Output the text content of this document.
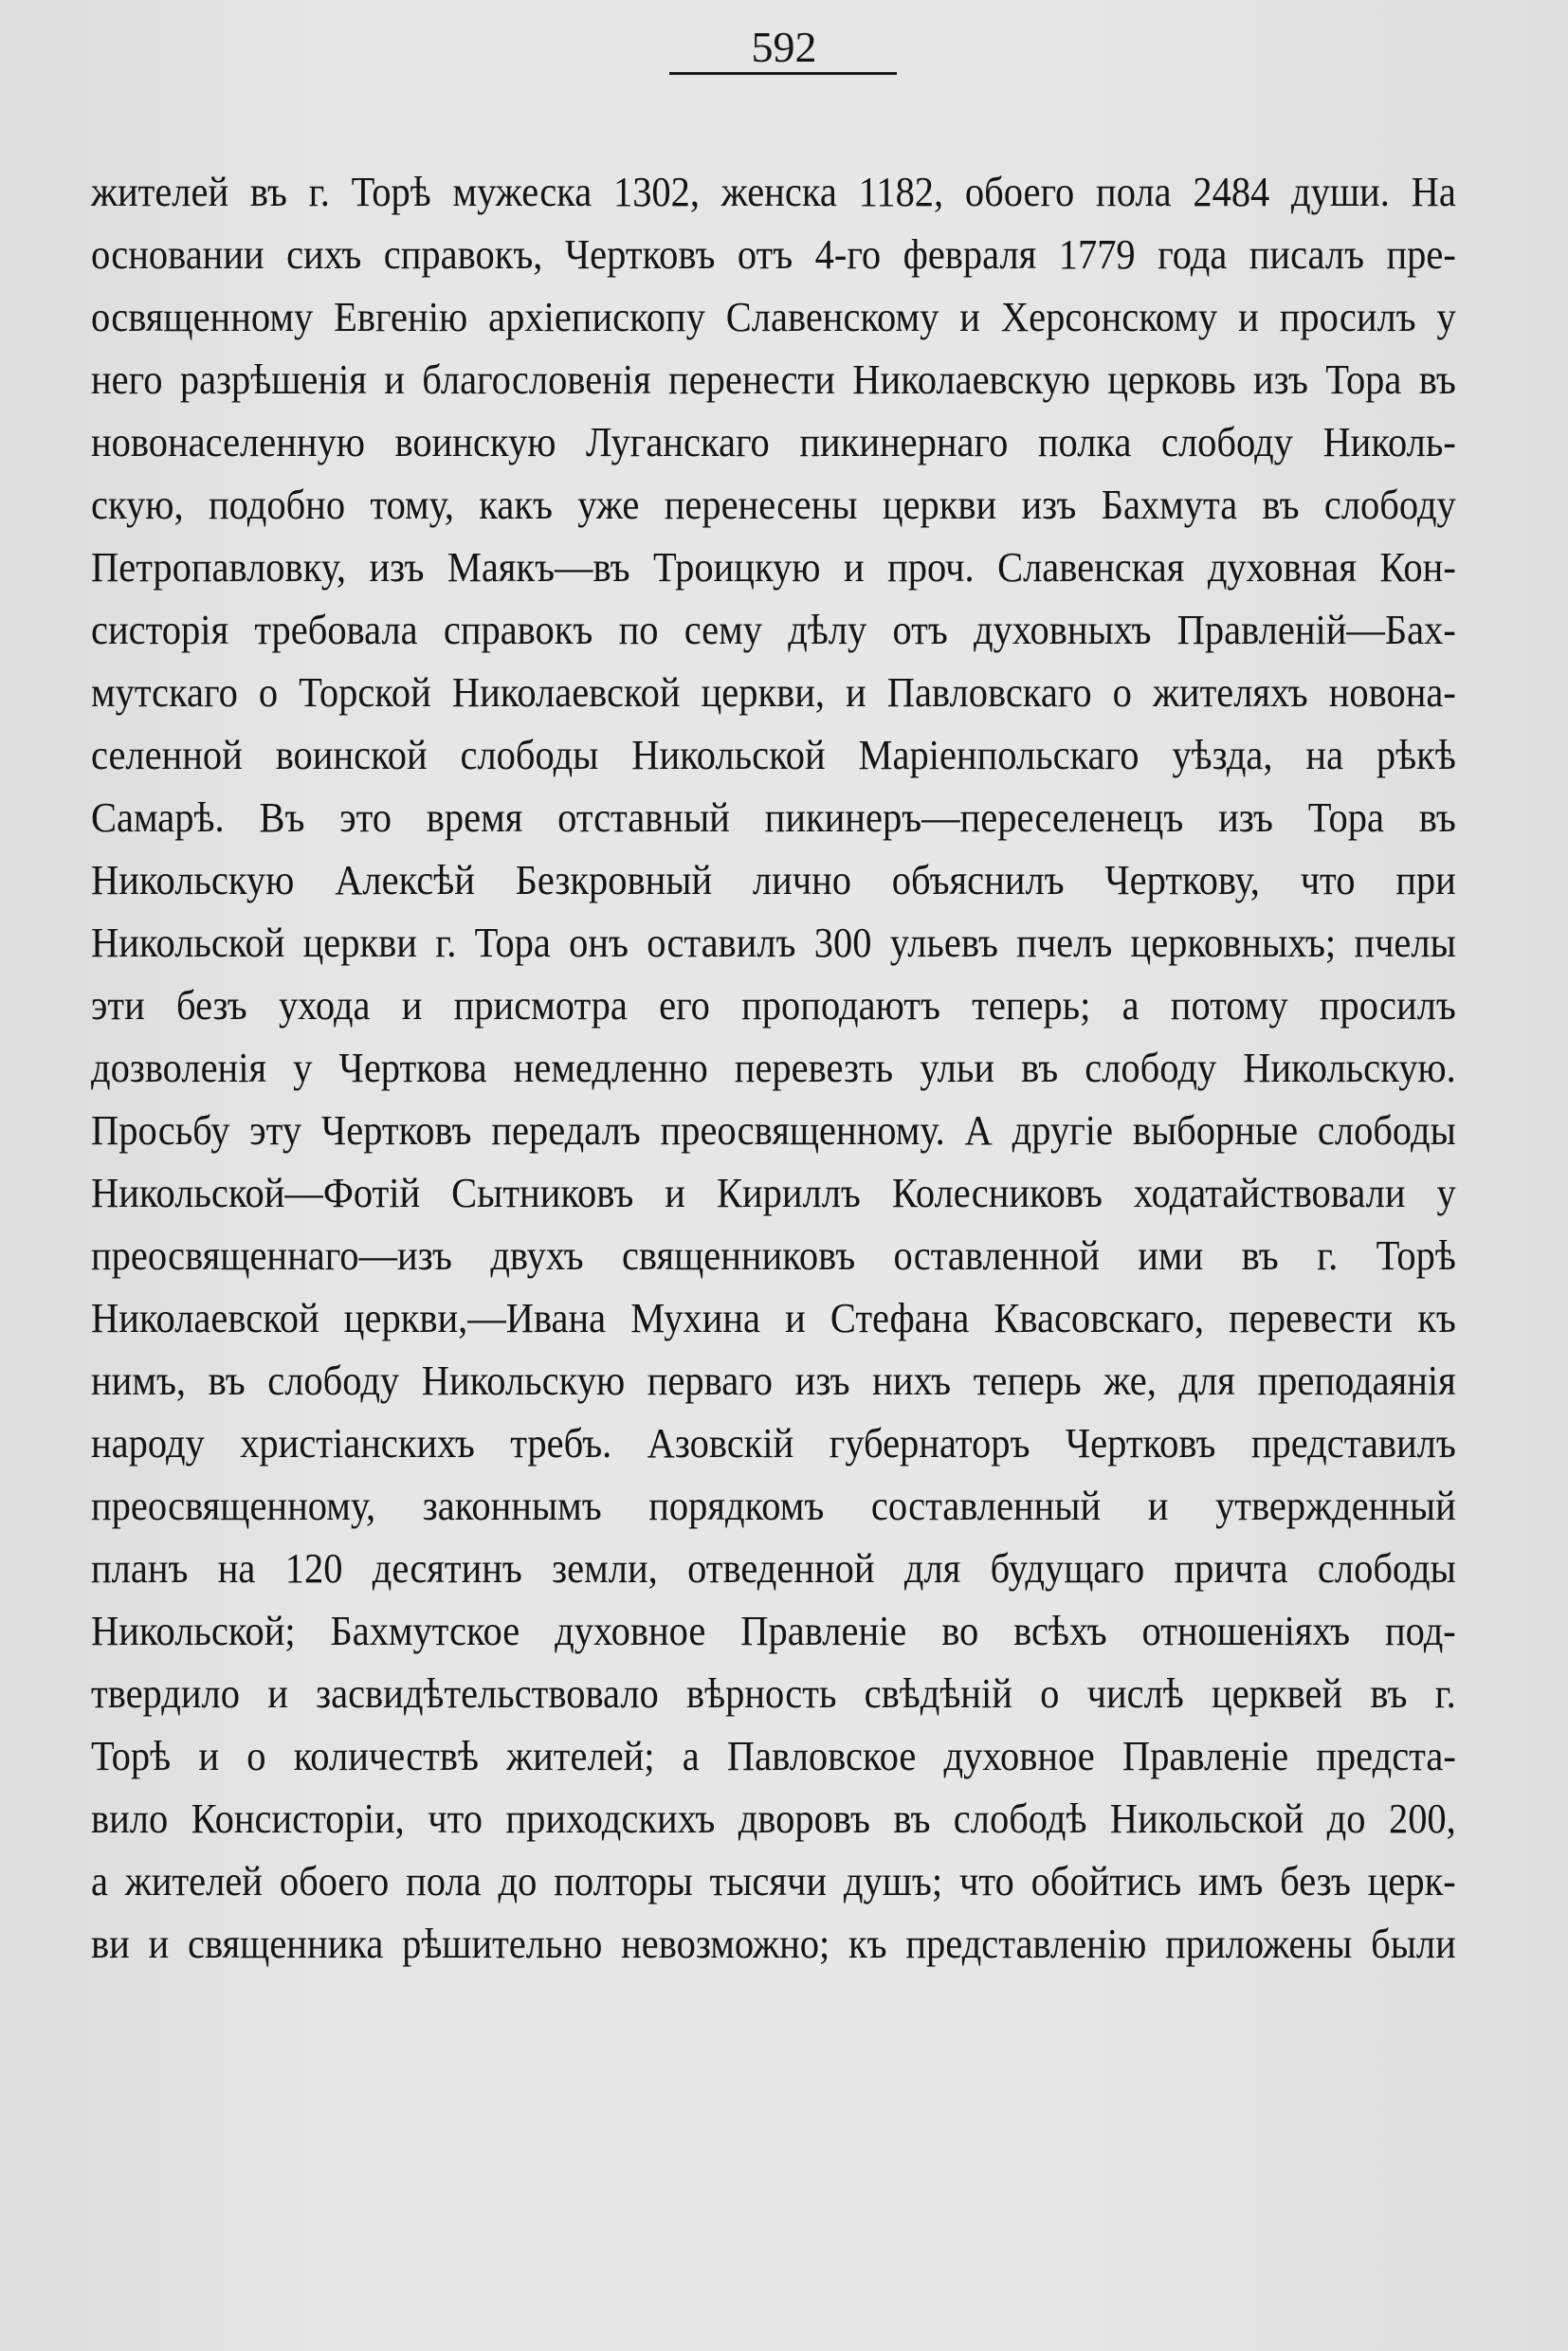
592
жителей въ г. Торѣ мужеска 1302, женска 1182, обоего пола 2484 души. На
основании сихъ справокъ, Чертковъ отъ 4-го февраля 1779 года писалъ пре-
освященному Евгенію архіепископу Славенскому и Херсонскому и просилъ у
него разрѣшенія и благословенія перенести Николаевскую церковь изъ Тора въ
новонаселенную воинскую Луганскаго пикинернаго полка слободу Николь-
скую, подобно тому, какъ уже перенесены церкви изъ Бахмута въ слободу
Петропавловку, изъ Маякъ—въ Троицкую и проч. Славенская духовная Кон-
систорія требовала справокъ по сему дѣлу отъ духовныхъ Правленій—Бах-
мутскаго о Торской Николаевской церкви, и Павловскаго о жителяхъ новона-
селенной воинской слободы Никольской Маріенпольскаго уѣзда, на рѣкѣ
Самарѣ. Въ это время отставный пикинеръ—переселенецъ изъ Тора въ
Никольскую Алексѣй Безкровный лично объяснилъ Черткову, что при
Никольской церкви г. Тора онъ оставилъ 300 ульевъ пчелъ церковныхъ; пчелы
эти безъ ухода и присмотра его проподаютъ теперь; а потому просилъ
дозволенія у Черткова немедленно перевезть ульи въ слободу Никольскую.
Просьбу эту Чертковъ передалъ преосвященному. А другіе выборные слободы
Никольской—Фотій Сытниковъ и Кириллъ Колесниковъ ходатайствовали у
преосвященнаго—изъ двухъ священниковъ оставленной ими въ г. Торѣ
Николаевской церкви,—Ивана Мухина и Стефана Квасовскаго, перевести къ
нимъ, въ слободу Никольскую перваго изъ нихъ теперь же, для преподаянія
народу христіанскихъ требъ. Азовскій губернаторъ Чертковъ представилъ
преосвященному, законнымъ порядкомъ составленный и утвержденный
планъ на 120 десятинъ земли, отведенной для будущаго причта слободы
Никольской; Бахмутское духовное Правленіе во всѣхъ отношеніяхъ под-
твердило и засвидѣтельствовало вѣрность свѣдѣній о числѣ церквей въ г.
Торѣ и о количествѣ жителей; а Павловское духовное Правленіе предста-
вило Консисторіи, что приходскихъ дворовъ въ слободѣ Никольской до 200,
а жителей обоего пола до полторы тысячи душъ; что обойтись имъ безъ церк-
ви и священника рѣшительно невозможно; къ представленію приложены были
